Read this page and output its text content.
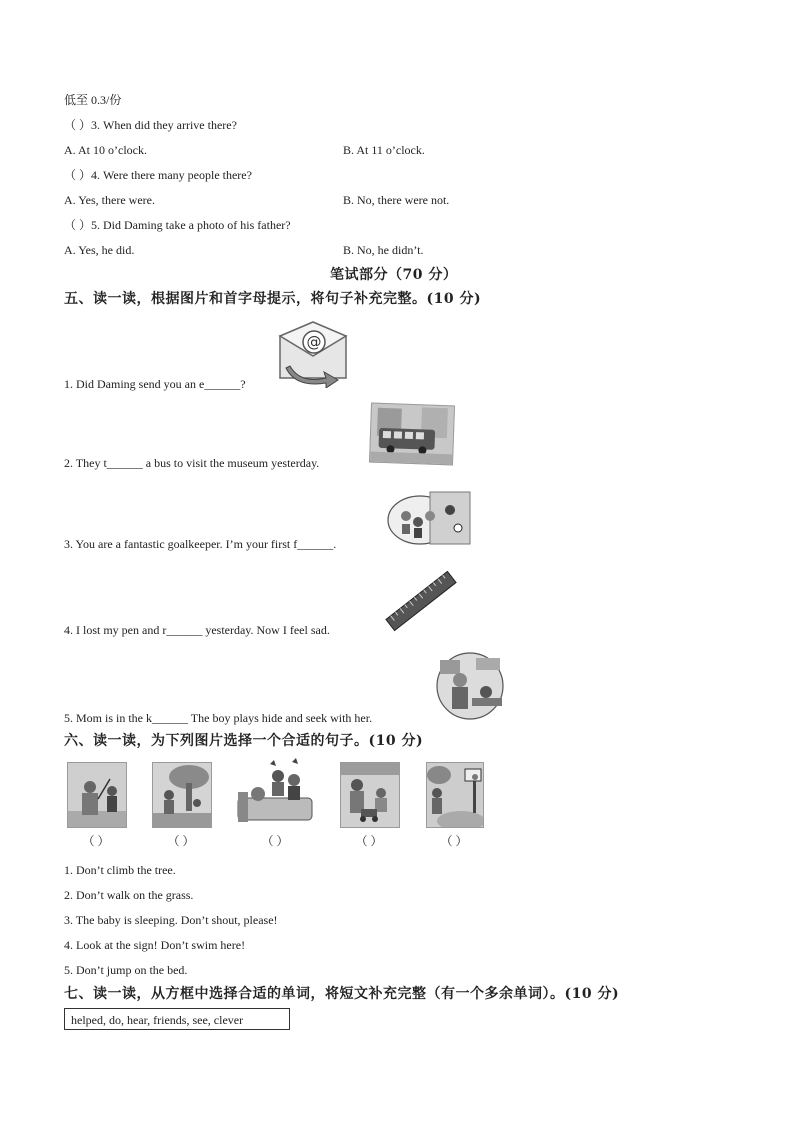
低至 0.3/份
（ ）3. When did they arrive there?
A. At 10 o’clock.	B. At 11 o’clock.
（ ）4. Were there many people there?
A. Yes, there were.	B. No, there were not.
（ ）5. Did Daming take a photo of his father?
A. Yes, he did.	B. No, he didn’t.
笔试部分（70 分）
五、读一读，根据图片和首字母提示，将句子补充完整。(10 分)
1. Did Daming send you an e______?
@
2. They t______ a bus to visit the museum yesterday.
3. You are a fantastic goalkeeper. I’m your first f______.
4. I lost my pen and r______ yesterday. Now I feel sad.
5. Mom is in the k______ The boy plays hide and seek with her.
六、读一读，为下列图片选择一个合适的句子。(10 分)
（ ）	（ ）	（ ）	（ ）	（ ）
1. Don’t climb the tree.
2. Don’t walk on the grass.
3. The baby is sleeping. Don’t shout, please!
4. Look at the sign! Don’t swim here!
5. Don’t jump on the bed.
七、读一读，从方框中选择合适的单词，将短文补充完整（有一个多余单词）。(10 分)
helped, do, hear, friends, see, clever
